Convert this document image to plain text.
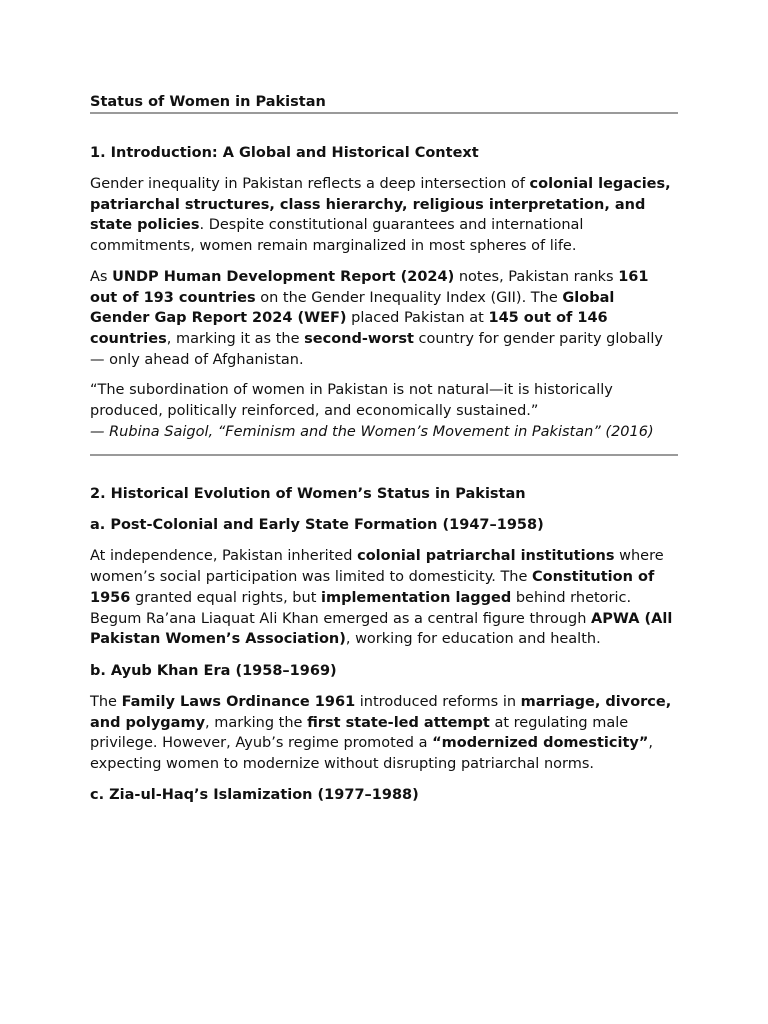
Status of Women in Pakistan
1. Introduction: A Global and Historical Context

Gender inequality in Pakistan reflects a deep intersection of colonial legacies, patriarchal structures, class hierarchy, religious interpretation, and state policies. Despite constitutional guarantees and international commitments, women remain marginalized in most spheres of life.

As UNDP Human Development Report (2024) notes, Pakistan ranks 161 out of 193 countries on the Gender Inequality Index (GII). The Global Gender Gap Report 2024 (WEF) placed Pakistan at 145 out of 146 countries, marking it as the second-worst country for gender parity globally — only ahead of Afghanistan.

“The subordination of women in Pakistan is not natural—it is historically produced, politically reinforced, and economically sustained.”
— Rubina Saigol, “Feminism and the Women’s Movement in Pakistan” (2016)

2. Historical Evolution of Women’s Status in Pakistan
a. Post-Colonial and Early State Formation (1947–1958)

At independence, Pakistan inherited colonial patriarchal institutions where women’s social participation was limited to domesticity. The Constitution of 1956 granted equal rights, but implementation lagged behind rhetoric.
Begum Ra’ana Liaquat Ali Khan emerged as a central figure through APWA (All Pakistan Women’s Association), working for education and health.

b. Ayub Khan Era (1958–1969)

The Family Laws Ordinance 1961 introduced reforms in marriage, divorce, and polygamy, marking the first state-led attempt at regulating male privilege. However, Ayub’s regime promoted a “modernized domesticity”, expecting women to modernize without disrupting patriarchal norms.

c. Zia-ul-Haq’s Islamization (1977–1988)
